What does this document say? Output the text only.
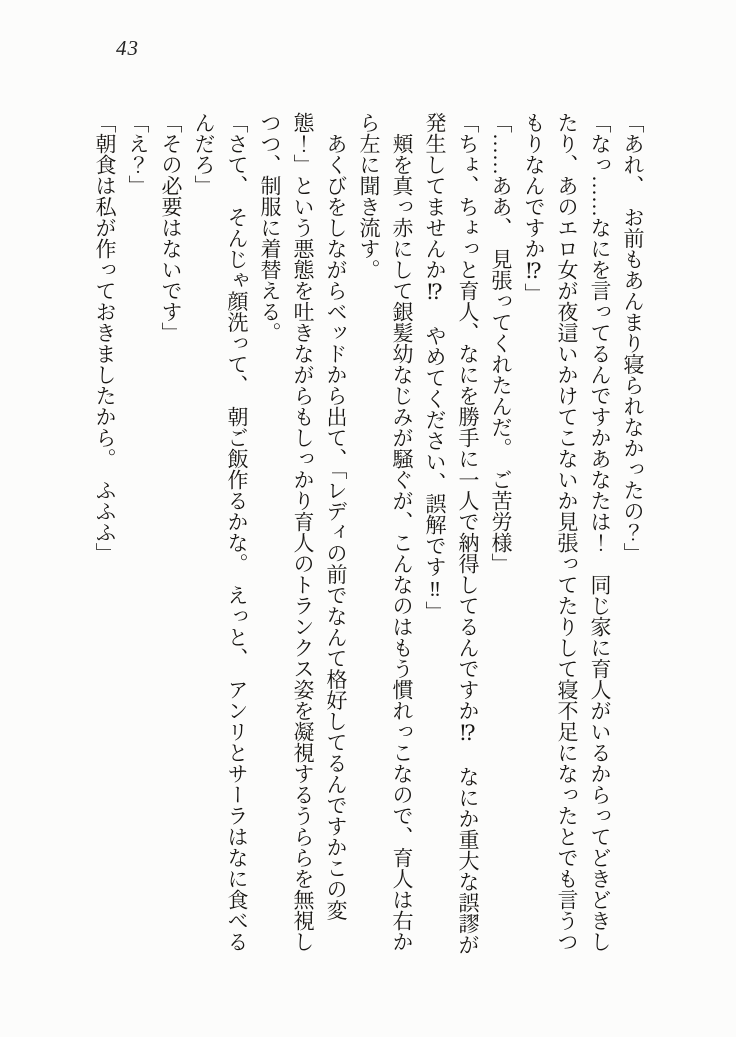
43

「あれ、　お前もあんまり寝られなかったの？」

「なっ……なにを言ってるんですかあなたは！　同じ家に育人がいるからってどきどきしたり、あのエロ女が夜這いかけてこないか見張ってたりして寝不足になったとでも言うつもりなんですか⁉」

「……ああ、　見張ってくれたんだ。　ご苦労様」

「ちょ、ちょっと育人、なにを勝手に一人で納得してるんですか⁉　なにか重大な誤謬が発生してませんか⁉　やめてください、誤解です‼」

頬を真っ赤にして銀髪幼なじみが騒ぐが、こんなのはもう慣れっこなので、育人は右から左に聞き流す。

あくびをしながらベッドから出て、「レディの前でなんて格好してるんですかこの変態！」という悪態を吐きながらもしっかり育人のトランクス姿を凝視するうららを無視しつつ、制服に着替える。

「さて、　そんじゃ顔洗って、　朝ご飯作るかな。　えっと、　アンリとサーラはなに食べるんだろ」

「その必要はないです」

「え？」

「朝食は私が作っておきましたから。　ふふふ」
